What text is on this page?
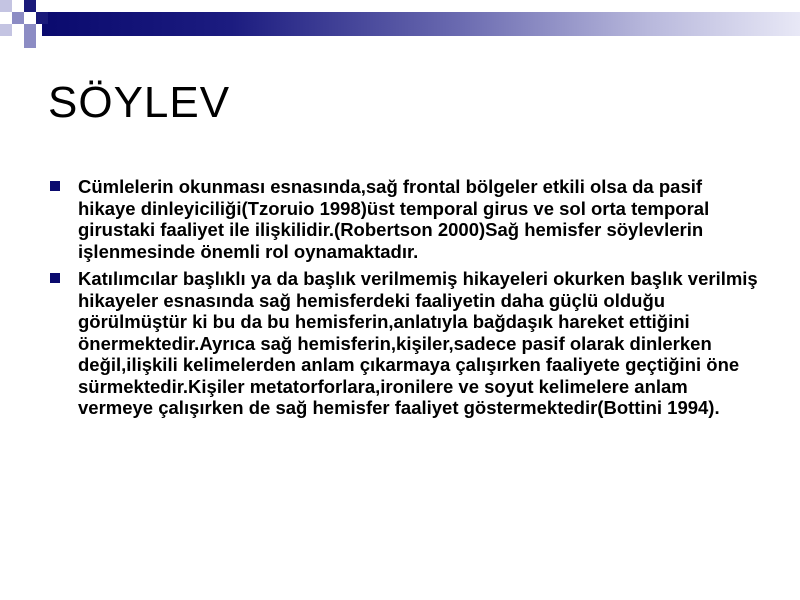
SÖYLEV
Cümlelerin okunması esnasında,sağ frontal bölgeler etkili olsa da pasif hikaye dinleyiciliği(Tzoruio 1998)üst temporal girus ve sol orta temporal girustaki faaliyet ile ilişkilidir.(Robertson 2000)Sağ hemisfer söylevlerin işlenmesinde önemli rol oynamaktadır.
Katılımcılar başlıklı ya da başlık verilmemiş hikayeleri okurken başlık verilmiş hikayeler esnasında sağ hemisferdeki faaliyetin daha güçlü olduğu görülmüştür ki bu da bu hemisferin,anlatıyla bağdaşık hareket ettiğini önermektedir.Ayrıca sağ hemisferin,kişiler,sadece pasif olarak dinlerken değil,ilişkili kelimelerden anlam çıkarmaya çalışırken faaliyete geçtiğini öne sürmektedir.Kişiler metatorforlara,ironilere ve soyut kelimelere anlam vermeye çalışırken de sağ hemisfer faaliyet göstermektedir(Bottini 1994).
